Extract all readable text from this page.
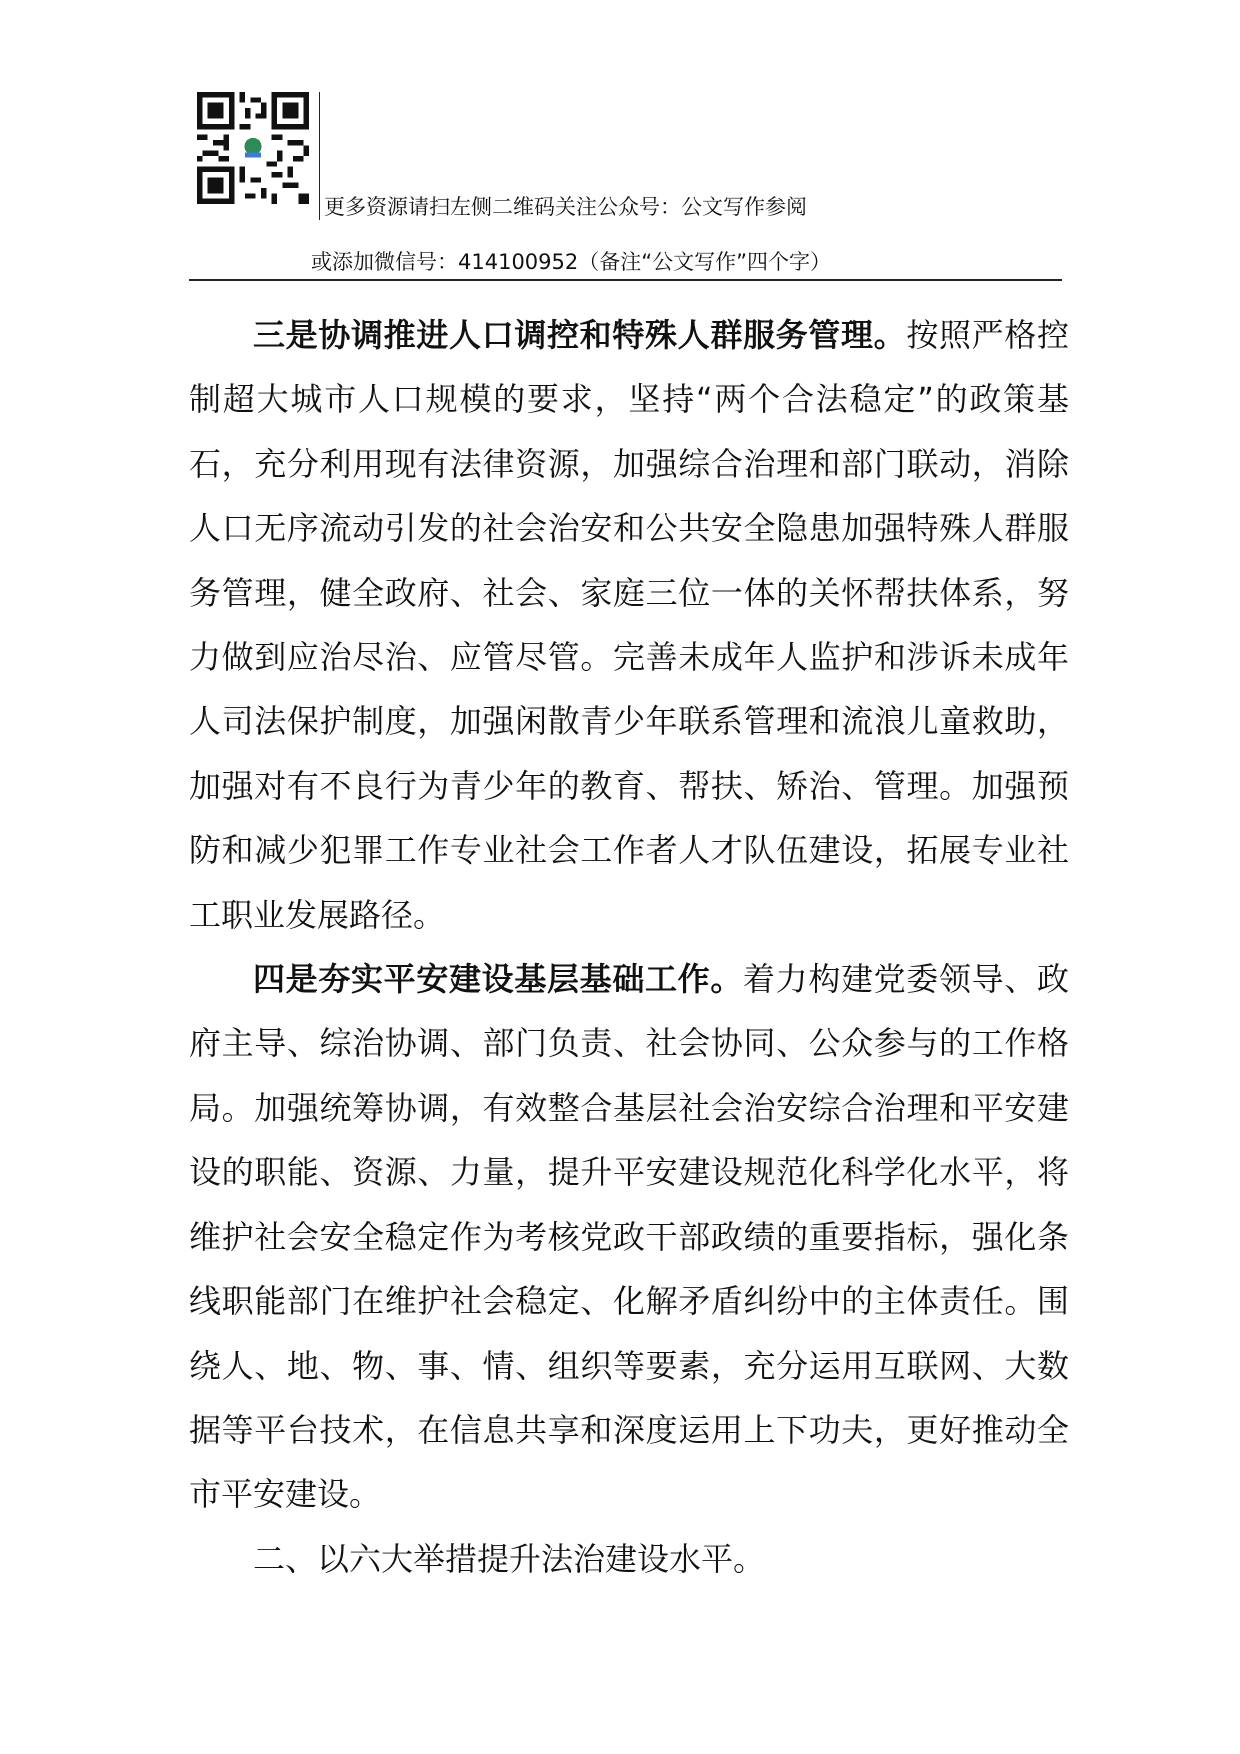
更多资源请扫左侧二维码关注公众号：公文写作参阅
或添加微信号：414100952（备注“公文写作”四个字）

三是协调推进人口调控和特殊人群服务管理。按照严格控制超大城市人口规模的要求，坚持“两个合法稳定”的政策基石，充分利用现有法律资源，加强综合治理和部门联动，消除人口无序流动引发的社会治安和公共安全隐患加强特殊人群服务管理，健全政府、社会、家庭三位一体的关怀帮扶体系，努力做到应治尽治、应管尽管。完善未成年人监护和涉诉未成年人司法保护制度，加强闲散青少年联系管理和流浪儿童救助，加强对有不良行为青少年的教育、帮扶、矫治、管理。加强预防和减少犯罪工作专业社会工作者人才队伍建设，拓展专业社工职业发展路径。

四是夯实平安建设基层基础工作。着力构建党委领导、政府主导、综治协调、部门负责、社会协同、公众参与的工作格局。加强统筹协调，有效整合基层社会治安综合治理和平安建设的职能、资源、力量，提升平安建设规范化科学化水平，将维护社会安全稳定作为考核党政干部政绩的重要指标，强化条线职能部门在维护社会稳定、化解矛盾纠纷中的主体责任。围绕人、地、物、事、情、组织等要素，充分运用互联网、大数据等平台技术，在信息共享和深度运用上下功夫，更好推动全市平安建设。

二、以六大举措提升法治建设水平。
